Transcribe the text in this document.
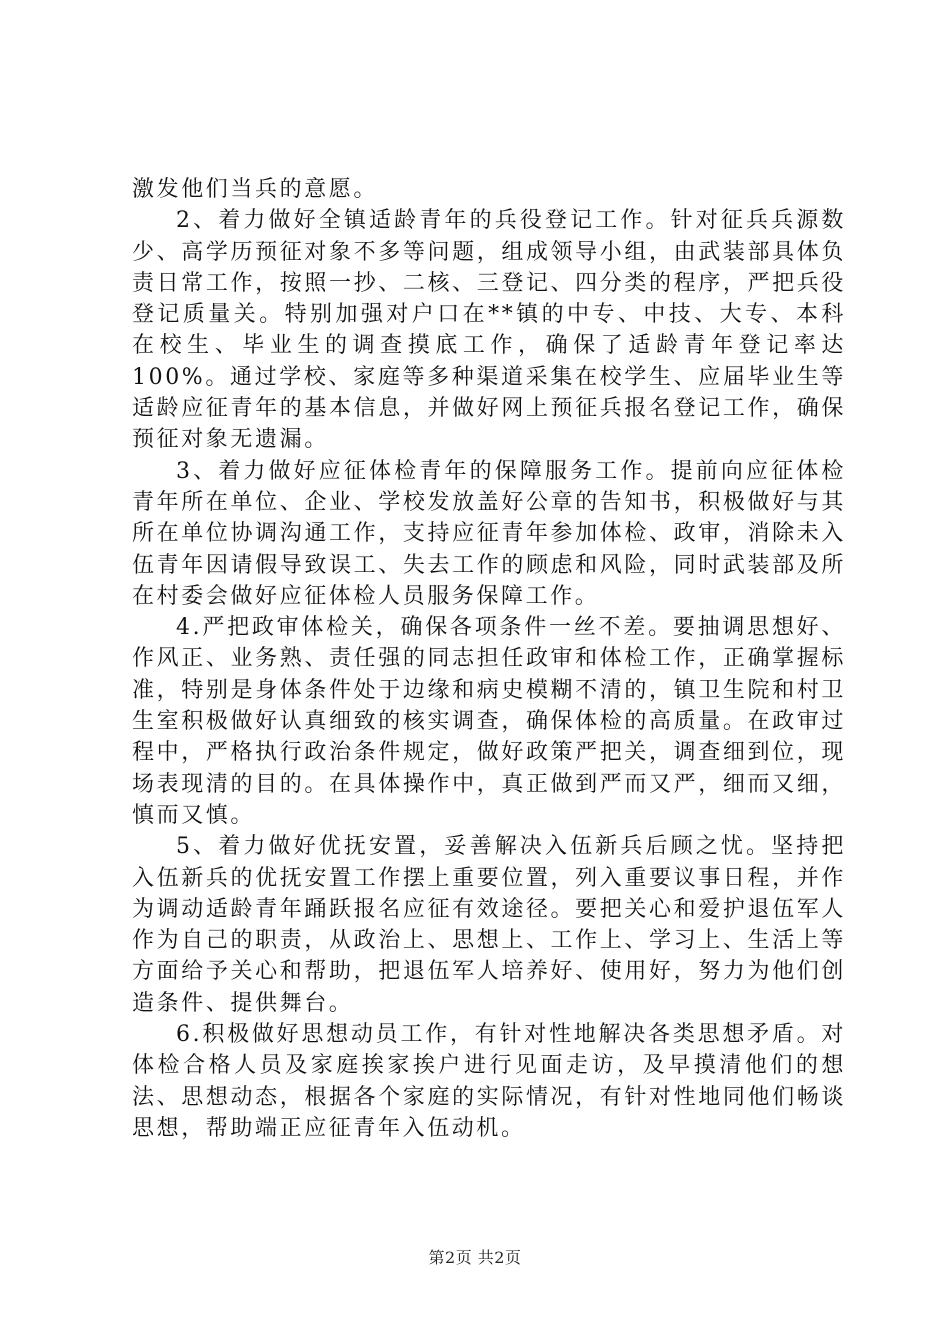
激发他们当兵的意愿。

2、着力做好全镇适龄青年的兵役登记工作。针对征兵兵源数少、高学历预征对象不多等问题，组成领导小组，由武装部具体负责日常工作，按照一抄、二核、三登记、四分类的程序，严把兵役登记质量关。特别加强对户口在**镇的中专、中技、大专、本科在校生、毕业生的调查摸底工作，确保了适龄青年登记率达100%。通过学校、家庭等多种渠道采集在校学生、应届毕业生等适龄应征青年的基本信息，并做好网上预征兵报名登记工作，确保预征对象无遗漏。

3、着力做好应征体检青年的保障服务工作。提前向应征体检青年所在单位、企业、学校发放盖好公章的告知书，积极做好与其所在单位协调沟通工作，支持应征青年参加体检、政审，消除未入伍青年因请假导致误工、失去工作的顾虑和风险，同时武装部及所在村委会做好应征体检人员服务保障工作。

4.严把政审体检关，确保各项条件一丝不差。要抽调思想好、作风正、业务熟、责任强的同志担任政审和体检工作，正确掌握标准，特别是身体条件处于边缘和病史模糊不清的，镇卫生院和村卫生室积极做好认真细致的核实调查，确保体检的高质量。在政审过程中，严格执行政治条件规定，做好政策严把关，调查细到位，现场表现清的目的。在具体操作中，真正做到严而又严，细而又细，慎而又慎。

5、着力做好优抚安置，妥善解决入伍新兵后顾之忧。坚持把入伍新兵的优抚安置工作摆上重要位置，列入重要议事日程，并作为调动适龄青年踊跃报名应征有效途径。要把关心和爱护退伍军人作为自己的职责，从政治上、思想上、工作上、学习上、生活上等方面给予关心和帮助，把退伍军人培养好、使用好，努力为他们创造条件、提供舞台。

6.积极做好思想动员工作，有针对性地解决各类思想矛盾。对体检合格人员及家庭挨家挨户进行见面走访，及早摸清他们的想法、思想动态，根据各个家庭的实际情况，有针对性地同他们畅谈思想，帮助端正应征青年入伍动机。

第2页 共2页
